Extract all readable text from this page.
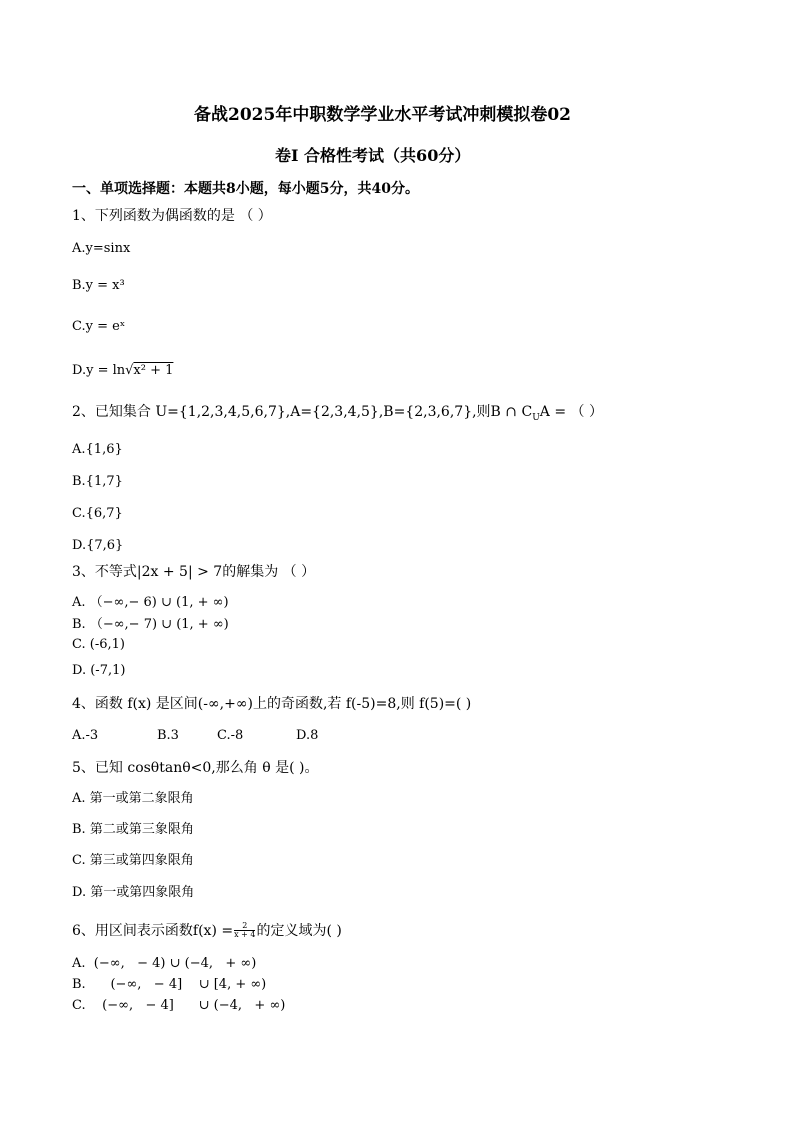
备战2025年中职数学学业水平考试冲刺模拟卷02
卷Ⅰ 合格性考试（共60分）
一、单项选择题：本题共8小题，每小题5分，共40分。
1、下列函数为偶函数的是 （ ）
A.y=sinx
B.y = x³
C.y = eˣ
D.y = ln√x² + 1
2、已知集合 U={1,2,3,4,5,6,7},A={2,3,4,5},B={2,3,6,7},则B ∩ $C_UA$ = （ ）
A.{1,6}
B.{1,7}
C.{6,7}
D.{7,6}
3、不等式|2x + 5| > 7的解集为 （ ）
A. （−∞,− 6) ∪ (1, + ∞)
B. （−∞,− 7) ∪ (1, + ∞)
C. (-6,1)
D. (-7,1)
4、函数 f(x) 是区间(-∞,+∞)上的奇函数,若 f(-5)=8,则 f(5)=( )
A.-3	B.3	C.-8	D.8
5、已知 cosθtanθ<0,那么角 θ 是( )。
A. 第一或第二象限角
B. 第二或第三象限角
C. 第三或第四象限角
D. 第一或第四象限角
6、用区间表示函数$f(x) = \frac{2}{x + 4}$ 的定义域为( )
A.  (−∞,   − 4) ∪ (−4,   + ∞)
B.      (−∞,   − 4]    ∪ [4, + ∞)
C.    (−∞,   − 4]      ∪ (−4,   + ∞)
